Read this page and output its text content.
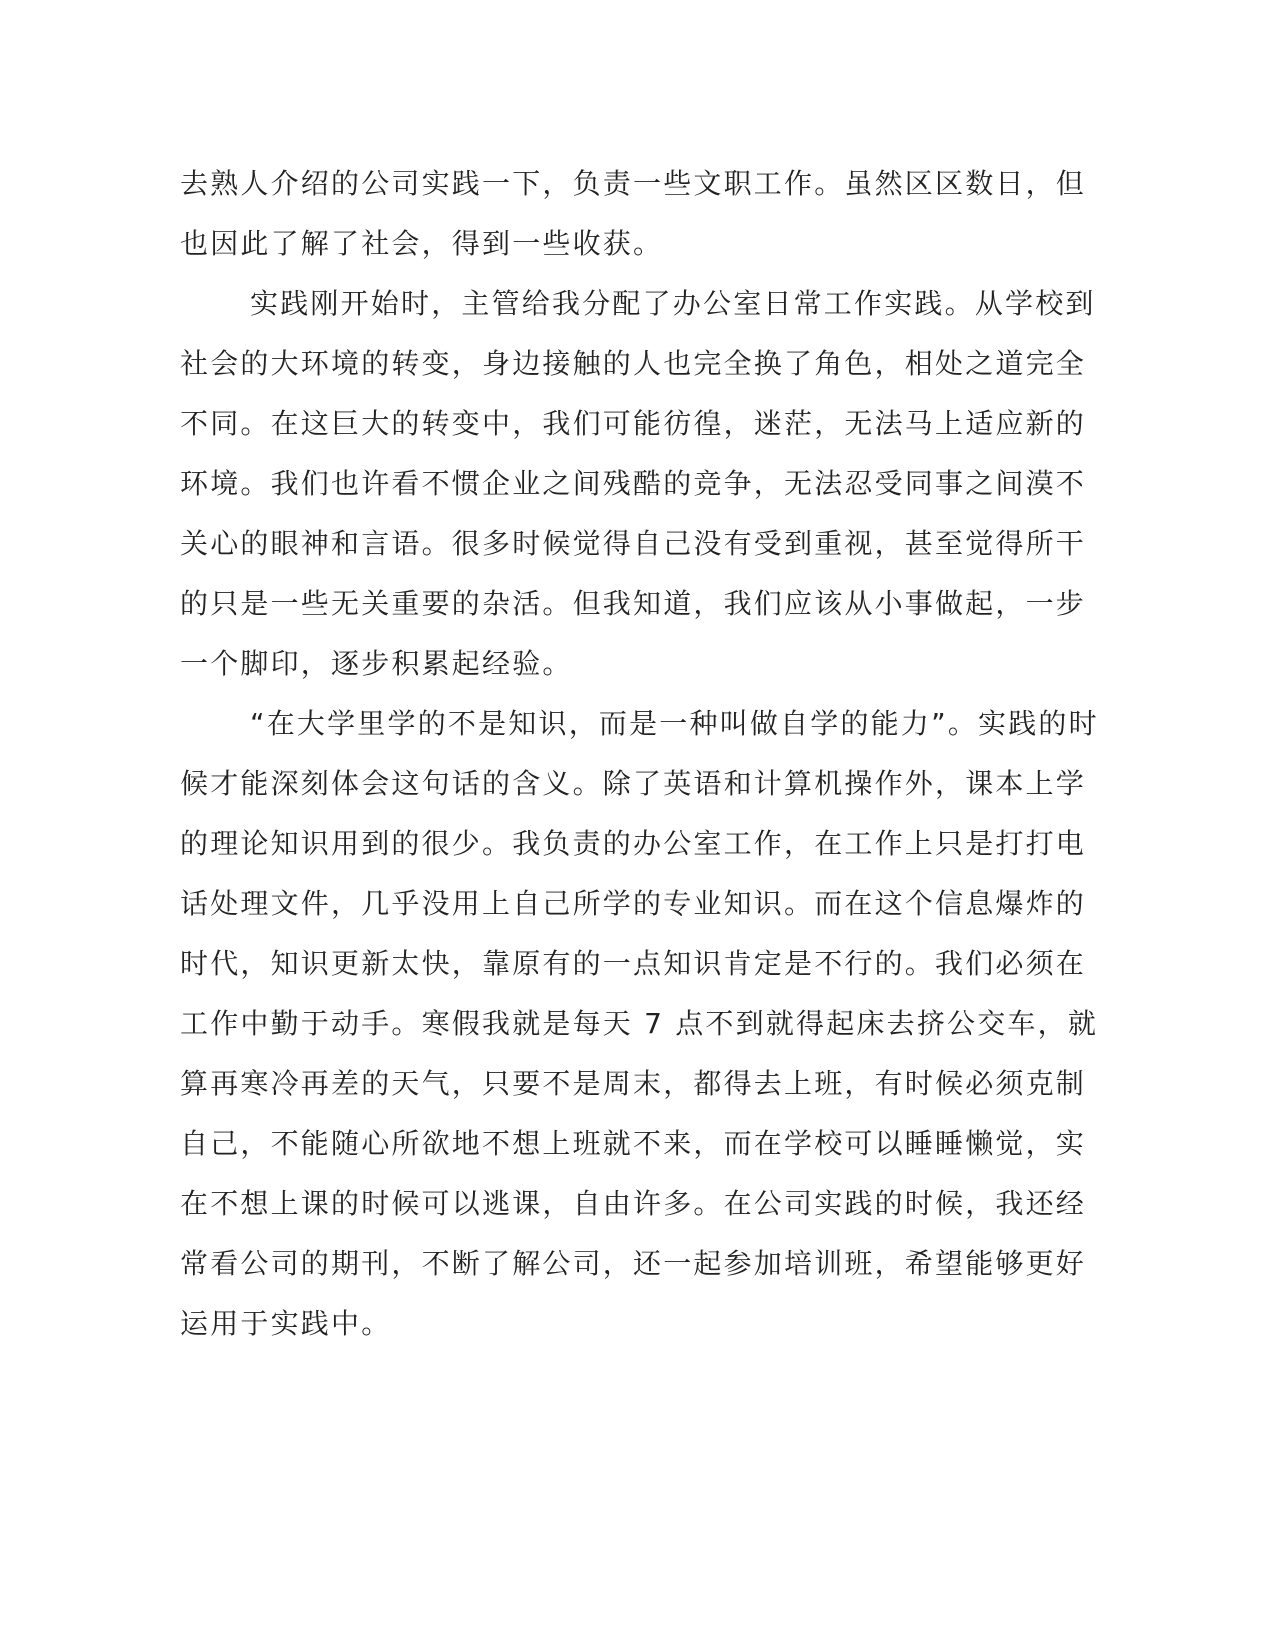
去熟人介绍的公司实践一下，负责一些文职工作。虽然区区数日，但
也因此了解了社会，得到一些收获。
实践刚开始时，主管给我分配了办公室日常工作实践。从学校到
社会的大环境的转变，身边接触的人也完全换了角色，相处之道完全
不同。在这巨大的转变中，我们可能彷徨，迷茫，无法马上适应新的
环境。我们也许看不惯企业之间残酷的竞争，无法忍受同事之间漠不
关心的眼神和言语。很多时候觉得自己没有受到重视，甚至觉得所干
的只是一些无关重要的杂活。但我知道，我们应该从小事做起，一步
一个脚印，逐步积累起经验。
“在大学里学的不是知识，而是一种叫做自学的能力”。实践的时
候才能深刻体会这句话的含义。除了英语和计算机操作外，课本上学
的理论知识用到的很少。我负责的办公室工作，在工作上只是打打电
话处理文件，几乎没用上自己所学的专业知识。而在这个信息爆炸的
时代，知识更新太快，靠原有的一点知识肯定是不行的。我们必须在
工作中勤于动手。寒假我就是每天 7 点不到就得起床去挤公交车，就
算再寒冷再差的天气，只要不是周末，都得去上班，有时候必须克制
自己，不能随心所欲地不想上班就不来，而在学校可以睡睡懒觉，实
在不想上课的时候可以逃课，自由许多。在公司实践的时候，我还经
常看公司的期刊，不断了解公司，还一起参加培训班，希望能够更好
运用于实践中。
